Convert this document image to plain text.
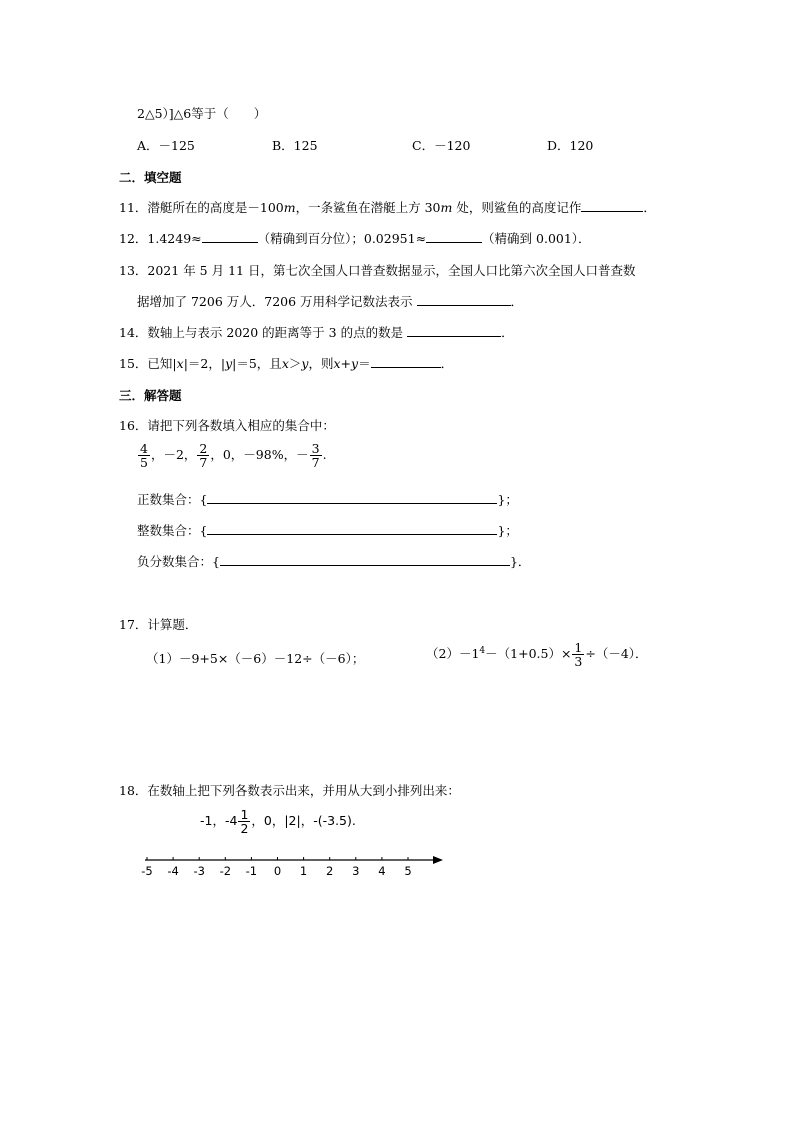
2△5）]△6等于（　　）
A．－125	B．125	C．－120	D．120
二．填空题
11．潜艇所在的高度是－100m，一条鲨鱼在潜艇上方 30m 处，则鲨鱼的高度记作	．
12．1.4249≈	（精确到百分位）；0.02951≈	（精确到 0.001）．
13．2021 年 5 月 11 日，第七次全国人口普查数据显示，全国人口比第六次全国人口普查数
据增加了 7206 万人．7206 万用科学记数法表示	．
14．数轴上与表示 2020 的距离等于 3 的点的数是	．
15．已知|x|＝2，|y|＝5，且x＞y，则x+y＝	．
三．解答题
16．请把下列各数填入相应的集合中：
$\frac{4}{5}$ ，－2， $\frac{2}{7}$ ，0，－98%，－ $\frac{3}{7}$ .
正数集合：{	}；
整数集合：{	}；
负分数集合：{	}．
17．计算题．
（1）－9+5×（－6）－12÷（－6）；	$(2)-1^4-(1+0.5)\times \frac{1}{3} \div(-4)$．
18．在数轴上把下列各数表示出来，并用从大到小排列出来：
-1，$-4 \frac{1}{2}$ ，0，|2|，-(-3.5).
-5 -4 -3 -2 -1 0 1 2 3 4 5
